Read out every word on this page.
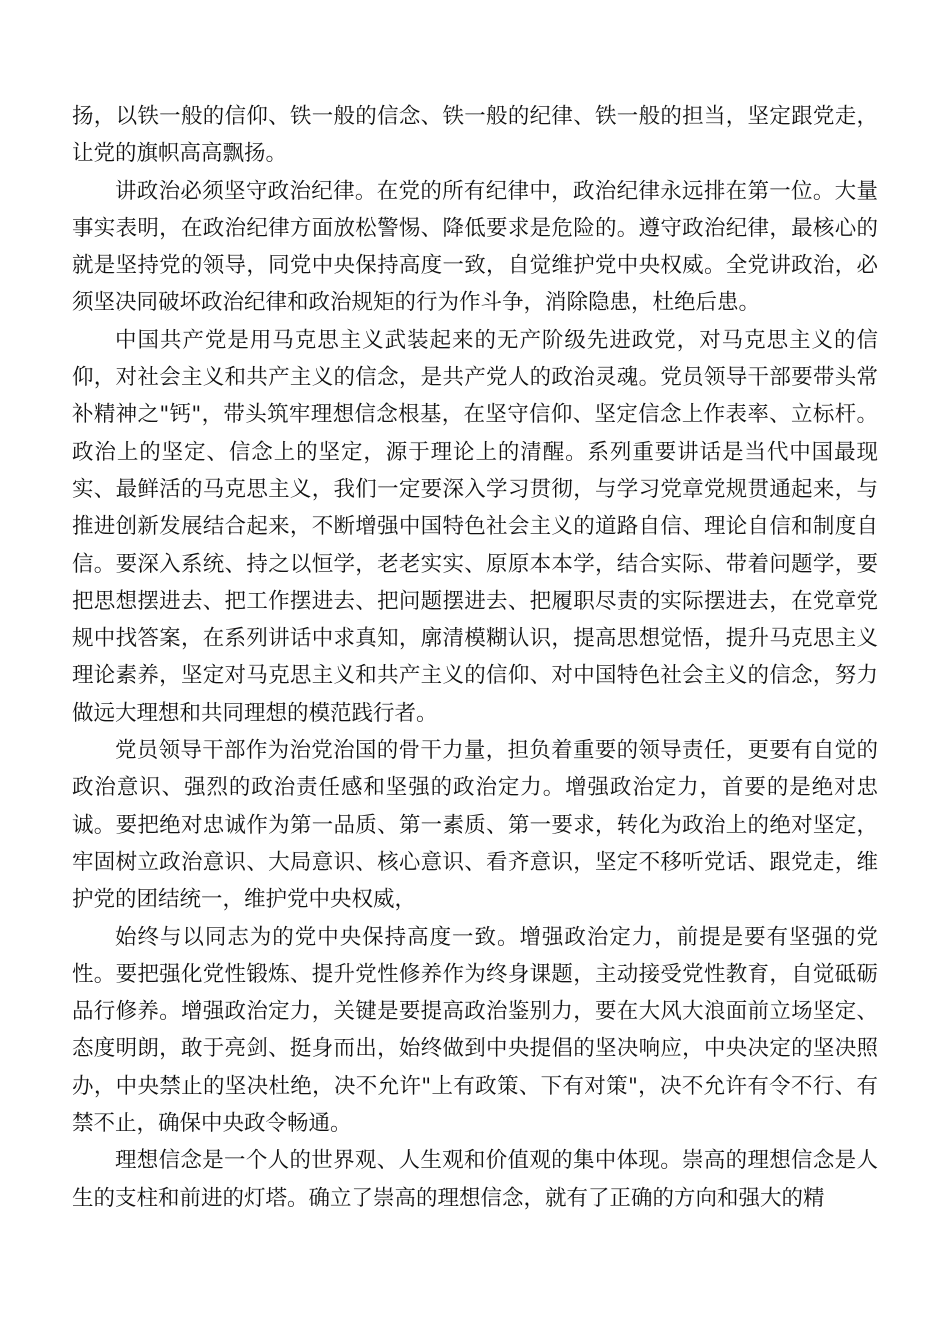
扬，以铁一般的信仰、铁一般的信念、铁一般的纪律、铁一般的担当，坚定跟党走，让党的旗帜高高飘扬。

讲政治必须坚守政治纪律。在党的所有纪律中，政治纪律永远排在第一位。大量事实表明，在政治纪律方面放松警惕、降低要求是危险的。遵守政治纪律，最核心的就是坚持党的领导，同党中央保持高度一致，自觉维护党中央权威。全党讲政治，必须坚决同破坏政治纪律和政治规矩的行为作斗争，消除隐患，杜绝后患。

中国共产党是用马克思主义武装起来的无产阶级先进政党，对马克思主义的信仰，对社会主义和共产主义的信念，是共产党人的政治灵魂。党员领导干部要带头常补精神之"钙"，带头筑牢理想信念根基，在坚守信仰、坚定信念上作表率、立标杆。政治上的坚定、信念上的坚定，源于理论上的清醒。系列重要讲话是当代中国最现实、最鲜活的马克思主义，我们一定要深入学习贯彻，与学习党章党规贯通起来，与推进创新发展结合起来，不断增强中国特色社会主义的道路自信、理论自信和制度自信。要深入系统、持之以恒学，老老实实、原原本本学，结合实际、带着问题学，要把思想摆进去、把工作摆进去、把问题摆进去、把履职尽责的实际摆进去，在党章党规中找答案，在系列讲话中求真知，廓清模糊认识，提高思想觉悟，提升马克思主义理论素养，坚定对马克思主义和共产主义的信仰、对中国特色社会主义的信念，努力做远大理想和共同理想的模范践行者。

党员领导干部作为治党治国的骨干力量，担负着重要的领导责任，更要有自觉的政治意识、强烈的政治责任感和坚强的政治定力。增强政治定力，首要的是绝对忠诚。要把绝对忠诚作为第一品质、第一素质、第一要求，转化为政治上的绝对坚定，牢固树立政治意识、大局意识、核心意识、看齐意识，坚定不移听党话、跟党走，维护党的团结统一，维护党中央权威，

始终与以同志为的党中央保持高度一致。增强政治定力，前提是要有坚强的党性。要把强化党性锻炼、提升党性修养作为终身课题，主动接受党性教育，自觉砥砺品行修养。增强政治定力，关键是要提高政治鉴别力，要在大风大浪面前立场坚定、态度明朗，敢于亮剑、挺身而出，始终做到中央提倡的坚决响应，中央决定的坚决照办，中央禁止的坚决杜绝，决不允许"上有政策、下有对策"，决不允许有令不行、有禁不止，确保中央政令畅通。

理想信念是一个人的世界观、人生观和价值观的集中体现。崇高的理想信念是人生的支柱和前进的灯塔。确立了崇高的理想信念，就有了正确的方向和强大的精
